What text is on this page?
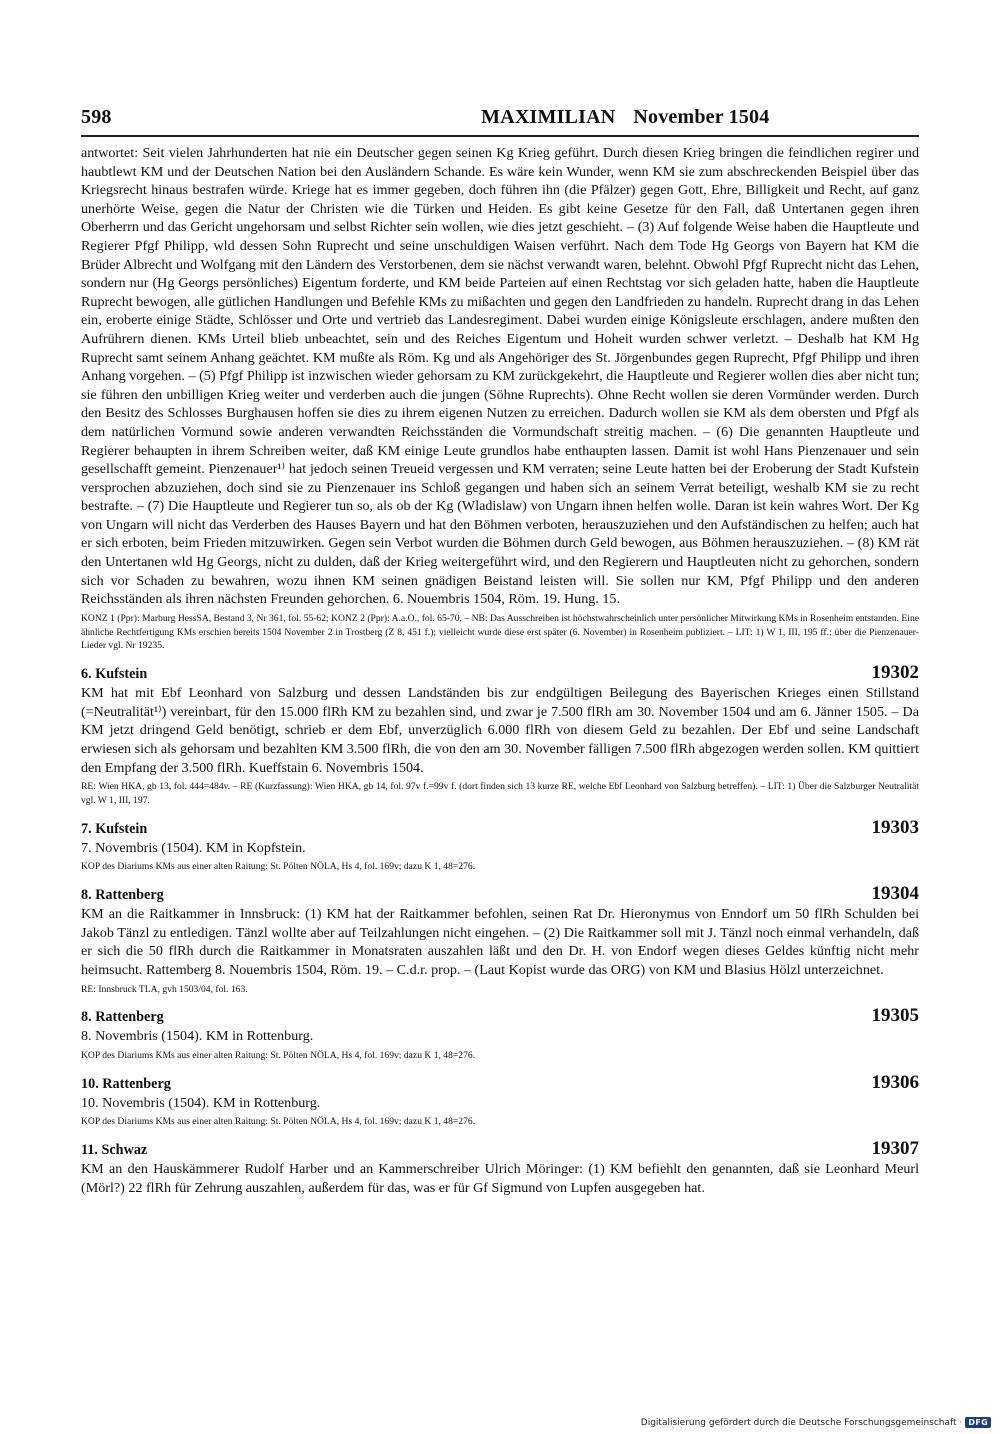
598	MAXIMILIAN November 1504

antwortet: Seit vielen Jahrhunderten hat nie ein Deutscher gegen seinen Kg Krieg geführt. Durch diesen Krieg bringen die feindlichen regirer und haubtlewt KM und der Deutschen Nation bei den Ausländern Schande. Es wäre kein Wunder, wenn KM sie zum abschreckenden Beispiel über das Kriegsrecht hinaus bestrafen würde. Kriege hat es immer gegeben, doch führen ihn (die Pfälzer) gegen Gott, Ehre, Billigkeit und Recht, auf ganz unerhörte Weise, gegen die Natur der Christen wie die Türken und Heiden. Es gibt keine Gesetze für den Fall, daß Untertanen gegen ihren Oberherrn und das Gericht ungehorsam und selbst Richter sein wollen, wie dies jetzt geschieht. – (3) Auf folgende Weise haben die Hauptleute und Regierer Pfgf Philipp, wld dessen Sohn Ruprecht und seine unschuldigen Waisen verführt. Nach dem Tode Hg Georgs von Bayern hat KM die Brüder Albrecht und Wolfgang mit den Ländern des Verstorbenen, dem sie nächst verwandt waren, belehnt. Obwohl Pfgf Ruprecht nicht das Lehen, sondern nur (Hg Georgs persönliches) Eigentum forderte, und KM beide Parteien auf einen Rechtstag vor sich geladen hatte, haben die Hauptleute Ruprecht bewogen, alle gütlichen Handlungen und Befehle KMs zu mißachten und gegen den Landfrieden zu handeln. Ruprecht drang in das Lehen ein, eroberte einige Städte, Schlösser und Orte und vertrieb das Landesregiment. Dabei wurden einige Königsleute erschlagen, andere mußten den Aufrührern dienen. KMs Urteil blieb unbeachtet, sein und des Reiches Eigentum und Hoheit wurden schwer verletzt. – Deshalb hat KM Hg Ruprecht samt seinem Anhang geächtet. KM mußte als Röm. Kg und als Angehöriger des St. Jörgenbundes gegen Ruprecht, Pfgf Philipp und ihren Anhang vorgehen. – (5) Pfgf Philipp ist inzwischen wieder gehorsam zu KM zurückgekehrt, die Hauptleute und Regierer wollen dies aber nicht tun; sie führen den unbilligen Krieg weiter und verderben auch die jungen (Söhne Ruprechts). Ohne Recht wollen sie deren Vormünder werden. Durch den Besitz des Schlosses Burghausen hoffen sie dies zu ihrem eigenen Nutzen zu erreichen. Dadurch wollen sie KM als dem obersten und Pfgf als dem natürlichen Vormund sowie anderen verwandten Reichsständen die Vormundschaft streitig machen. – (6) Die genannten Hauptleute und Regierer behaupten in ihrem Schreiben weiter, daß KM einige Leute grundlos habe enthaupten lassen. Damit ist wohl Hans Pienzenauer und sein gesellschafft gemeint. Pienzenauer¹⁾ hat jedoch seinen Treueid vergessen und KM verraten; seine Leute hatten bei der Eroberung der Stadt Kufstein versprochen abzuziehen, doch sind sie zu Pienzenauer ins Schloß gegangen und haben sich an seinem Verrat beteiligt, weshalb KM sie zu recht bestrafte. – (7) Die Hauptleute und Regierer tun so, als ob der Kg (Wladislaw) von Ungarn ihnen helfen wolle. Daran ist kein wahres Wort. Der Kg von Ungarn will nicht das Verderben des Hauses Bayern und hat den Böhmen verboten, herauszuziehen und den Aufständischen zu helfen; auch hat er sich erboten, beim Frieden mitzuwirken. Gegen sein Verbot wurden die Böhmen durch Geld bewogen, aus Böhmen herauszuziehen. – (8) KM rät den Untertanen wld Hg Georgs, nicht zu dulden, daß der Krieg weitergeführt wird, und den Regierern und Hauptleuten nicht zu gehorchen, sondern sich vor Schaden zu bewahren, wozu ihnen KM seinen gnädigen Beistand leisten will. Sie sollen nur KM, Pfgf Philipp und den anderen Reichsständen als ihren nächsten Freunden gehorchen. 6. Nouembris 1504, Röm. 19. Hung. 15.

KONZ 1 (Ppr): Marburg HessSA, Bestand 3, Nr 361, fol. 55-62; KONZ 2 (Ppr): A.a.O., fol. 65-70. – NB: Das Ausschreiben ist höchstwahrscheinlich unter persönlicher Mitwirkung KMs in Rosenheim entstanden. Eine ähnliche Rechtfertigung KMs erschien bereits 1504 November 2 in Trostberg (Z 8, 451 f.); vielleicht wurde diese erst später (6. November) in Rosenheim publiziert. – LIT: 1) W 1, III, 195 ff.; über die Pienzenauer-Lieder vgl. Nr 19235.

6. Kufstein	19302

KM hat mit Ebf Leonhard von Salzburg und dessen Landständen bis zur endgültigen Beilegung des Bayerischen Krieges einen Stillstand (=Neutralität¹⁾) vereinbart, für den 15.000 flRh KM zu bezahlen sind, und zwar je 7.500 flRh am 30. November 1504 und am 6. Jänner 1505. – Da KM jetzt dringend Geld benötigt, schrieb er dem Ebf, unverzüglich 6.000 flRh von diesem Geld zu bezahlen. Der Ebf und seine Landschaft erwiesen sich als gehorsam und bezahlten KM 3.500 flRh, die von den am 30. November fälligen 7.500 flRh abgezogen werden sollen. KM quittiert den Empfang der 3.500 flRh. Kueffstain 6. Novembris 1504.

RE: Wien HKA, gb 13, fol. 444=484v. – RE (Kurzfassung): Wien HKA, gb 14, fol. 97v f.=99v f. (dort finden sich 13 kurze RE, welche Ebf Leonhard von Salzburg betreffen). – LIT: 1) Über die Salzburger Neutralität vgl. W 1, III, 197.

7. Kufstein	19303

7. Novembris (1504). KM in Kopfstein.

KOP des Diariums KMs aus einer alten Raitung: St. Pölten NÖLA, Hs 4, fol. 169v; dazu K 1, 48=276.

8. Rattenberg	19304

KM an die Raitkammer in Innsbruck: (1) KM hat der Raitkammer befohlen, seinen Rat Dr. Hieronymus von Enndorf um 50 flRh Schulden bei Jakob Tänzl zu entledigen. Tänzl wollte aber auf Teilzahlungen nicht eingehen. – (2) Die Raitkammer soll mit J. Tänzl noch einmal verhandeln, daß er sich die 50 flRh durch die Raitkammer in Monatsraten auszahlen läßt und den Dr. H. von Endorf wegen dieses Geldes künftig nicht mehr heimsucht. Rattemberg 8. Nouembris 1504, Röm. 19. – C.d.r. prop. – (Laut Kopist wurde das ORG) von KM und Blasius Hölzl unterzeichnet.

RE: Innsbruck TLA, gvh 1503/04, fol. 163.

8. Rattenberg	19305

8. Novembris (1504). KM in Rottenburg.

KOP des Diariums KMs aus einer alten Raitung: St. Pölten NÖLA, Hs 4, fol. 169v; dazu K 1, 48=276.

10. Rattenberg	19306

10. Novembris (1504). KM in Rottenburg.

KOP des Diariums KMs aus einer alten Raitung: St. Pölten NÖLA, Hs 4, fol. 169v; dazu K 1, 48=276.

11. Schwaz	19307

KM an den Hauskämmerer Rudolf Harber und an Kammerschreiber Ulrich Möringer: (1) KM befiehlt den genannten, daß sie Leonhard Meurl (Mörl?) 22 flRh für Zehrung auszahlen, außerdem für das, was er für Gf Sigmund von Lupfen ausgegeben hat.

Digitalisierung gefördert durch die Deutsche Forschungsgemeinschaft · DFG
